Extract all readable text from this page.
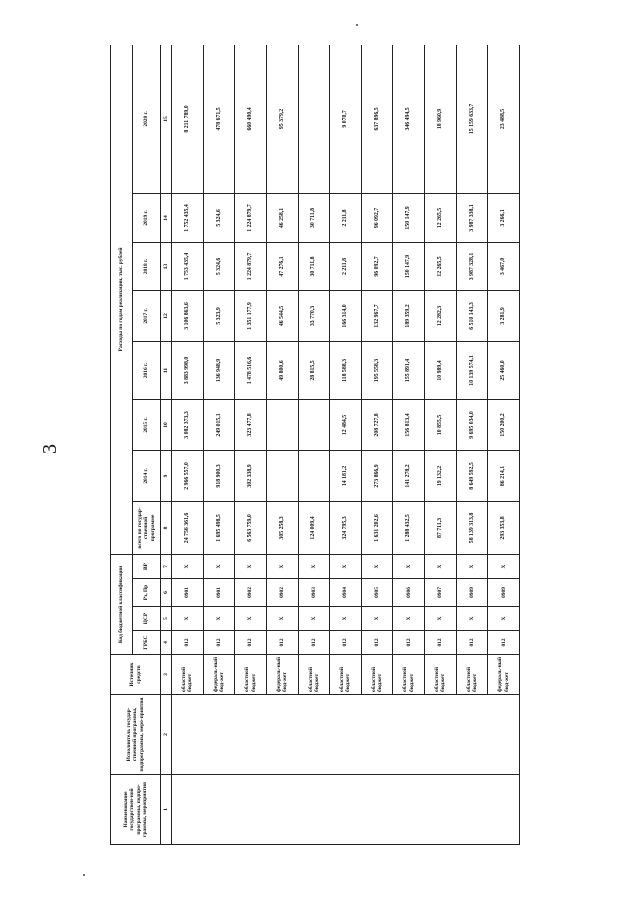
3
Наименование государствен-ной программы, подпро-граммы, мероприятия	Исполнитель государ-ственной программы, подпрограммы, меро-приятия	Источник средств	Код бюджетной классификации				Расходы по годам реализации, тыс. рублей							
			ГРБС	ЦСР	Рз, Пр	ВР	всего по государ-ственной программе	2014 г.	2015 г.	2016 г.	2017 г.	2018 г.	2019 г.	2020 г.
1	2	3	4	5	6	7	8	9	10	11	12	13	14	15
		областной бюджет	012	X	0901	X	24 756 361,6	2 966 557,0	3 082 373,3	3 883 998,0	3 106 863,6	1 753 435,4	1 752 435,4	8 211 789,0
		федераль-ный бюд-жет	012	X	0901	X	1 695 498,5	918 900,3	249 015,1	136 948,9	5 323,9	5 324,6	5 324,6	478 671,5
		областной бюджет	012	X	0902	X	6 563 759,0	302 338,9	323 477,8	1 478 516,6	1 351 177,9	1 224 879,7	1 224 879,7	660 490,4
		федераль-ный бюд-жет	012	X	0902	X	305 258,3			49 800,6	46 544,5	47 276,1	46 258,1	95 379,2
		областной бюджет	012	X	0903	X	124 009,4			28 815,5	33 770,3	30 711,8	30 711,8	
		областной бюджет	012	X	0904	X	324 795,3	14 181,2	12 484,5	118 588,3	166 314,0	2 211,8	2 211,8	9 070,7
		областной бюджет	012	X	0905	X	1 631 202,6	273 866,9	208 727,8	195 558,3	132 967,7	96 092,7	96 092,7	637 896,5
		областной бюджет	012	X	0906	X	1 288 432,5	141 278,2	156 813,4	155 891,4	189 359,2	150 147,9	150 147,9	346 494,5
		областной бюджет	012	X	0907	X	87 711,3	19 132,2	10 855,5	10 989,4	12 282,3	12 265,5	12 265,5	18 960,9
		областной бюджет	012	X	0909	X	58 139 313,8	8 649 592,5	9 695 034,0	10 139 574,1	6 510 143,3	3 987 328,1	3 987 338,1	15 159 633,7
		федераль-ный бюд-жет	012	X	0909	X	293 353,8	86 214,1	150 200,2	25 460,0	3 281,9	3 467,0	3 266,1	23 488,5
